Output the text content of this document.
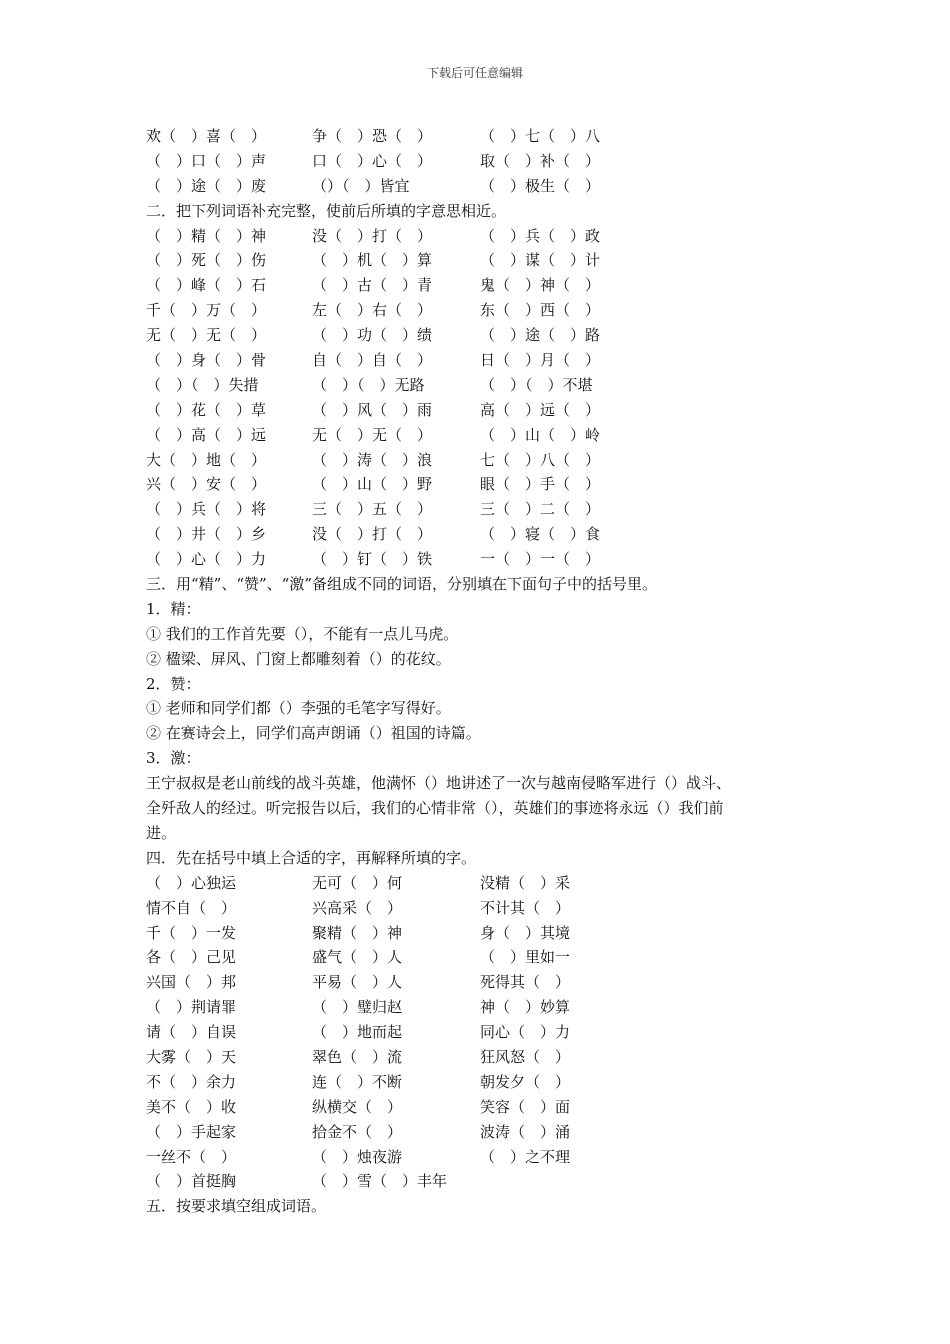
下载后可任意编辑
欢（　）喜（　）	争（　）恐（　）	（　）七（　）八
（　）口（　）声	口（　）心（　）	取（　）补（　）
（　）途（　）废	（）（　）皆宜	（　）极生（　）
二．把下列词语补充完整，使前后所填的字意思相近。
（　）精（　）神	没（　）打（　）	（　）兵（　）政
（　）死（　）伤	（　）机（　）算	（　）谋（　）计
（　）峰（　）石	（　）古（　）青	鬼（　）神（　）
千（　）万（　）	左（　）右（　）	东（　）西（　）
无（　）无（　）	（　）功（　）绩	（　）途（　）路
（　）身（　）骨	自（　）自（　）	日（　）月（　）
（　）（　）失措	（　）（　）无路	（　）（　）不堪
（　）花（　）草	（　）风（　）雨	高（　）远（　）
（　）高（　）远	无（　）无（　）	（　）山（　）岭
大（　）地（　）	（　）涛（　）浪	七（　）八（　）
兴（　）安（　）	（　）山（　）野	眼（　）手（　）
（　）兵（　）将	三（　）五（　）	三（　）二（　）
（　）井（　）乡	没（　）打（　）	（　）寝（　）食
（　）心（　）力	（　）钉（　）铁	一（　）一（　）
三．用“精”、“赞”、“激”备组成不同的词语，分别填在下面句子中的括号里。
1．精：
① 我们的工作首先要（），不能有一点儿马虎。
② 楹梁、屏风、门窗上都雕刻着（）的花纹。
2．赞：
① 老师和同学们都（）李强的毛笔字写得好。
② 在赛诗会上，同学们高声朗诵（）祖国的诗篇。
3．激：
王宁叔叔是老山前线的战斗英雄，他满怀（）地讲述了一次与越南侵略军进行（）战斗、
全歼敌人的经过。听完报告以后，我们的心情非常（），英雄们的事迹将永远（）我们前
进。
四．先在括号中填上合适的字，再解释所填的字。
（　）心独运	无可（　）何	没精（　）采
情不自（　）	兴高采（　）	不计其（　）
千（　）一发	聚精（　）神	身（　）其境
各（　）己见	盛气（　）人	（　）里如一
兴国（　）邦	平易（　）人	死得其（　）
（　）荆请罪	（　）璧归赵	神（　）妙算
请（　）自误	（　）地而起	同心（　）力
大雾（　）天	翠色（　）流	狂风怒（　）
不（　）余力	连（　）不断	朝发夕（　）
美不（　）收	纵横交（　）	笑容（　）面
（　）手起家	拾金不（　）	波涛（　）涌
一丝不（　）	（　）烛夜游	（　）之不理
（　）首挺胸	（　）雪（　）丰年
五．按要求填空组成词语。
